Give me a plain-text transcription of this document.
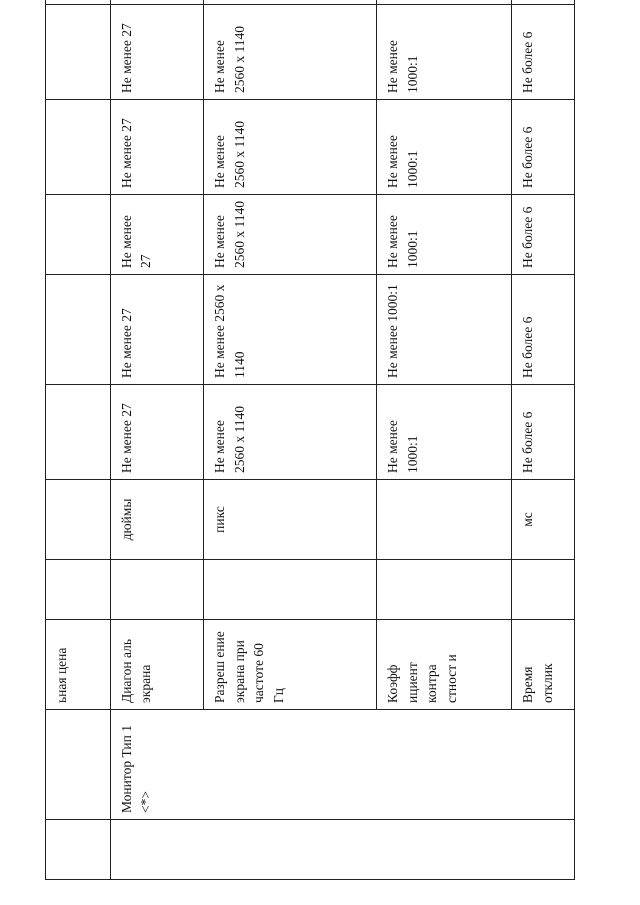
		ьная цена								
	Монитор Тип 1 <*>	Диагон аль экрана		дюймы	Не менее 27	Не менее 27	Не менее 27	Не менее 27	Не менее 27	
		Разреш ение экрана при частоте 60 Гц		пикс	Не менее 2560 x 1140	Не менее 2560 x 1140	Не менее 2560 x 1140	Не менее 2560 x 1140	Не менее 2560 x 1140	
		Коэфф ициент контра стност и			Не менее 1000:1	Не менее 1000:1	Не менее 1000:1	Не менее 1000:1	Не менее 1000:1	
		Время отклик		мс	Не более 6	Не более 6	Не более 6	Не более 6	Не более 6	
